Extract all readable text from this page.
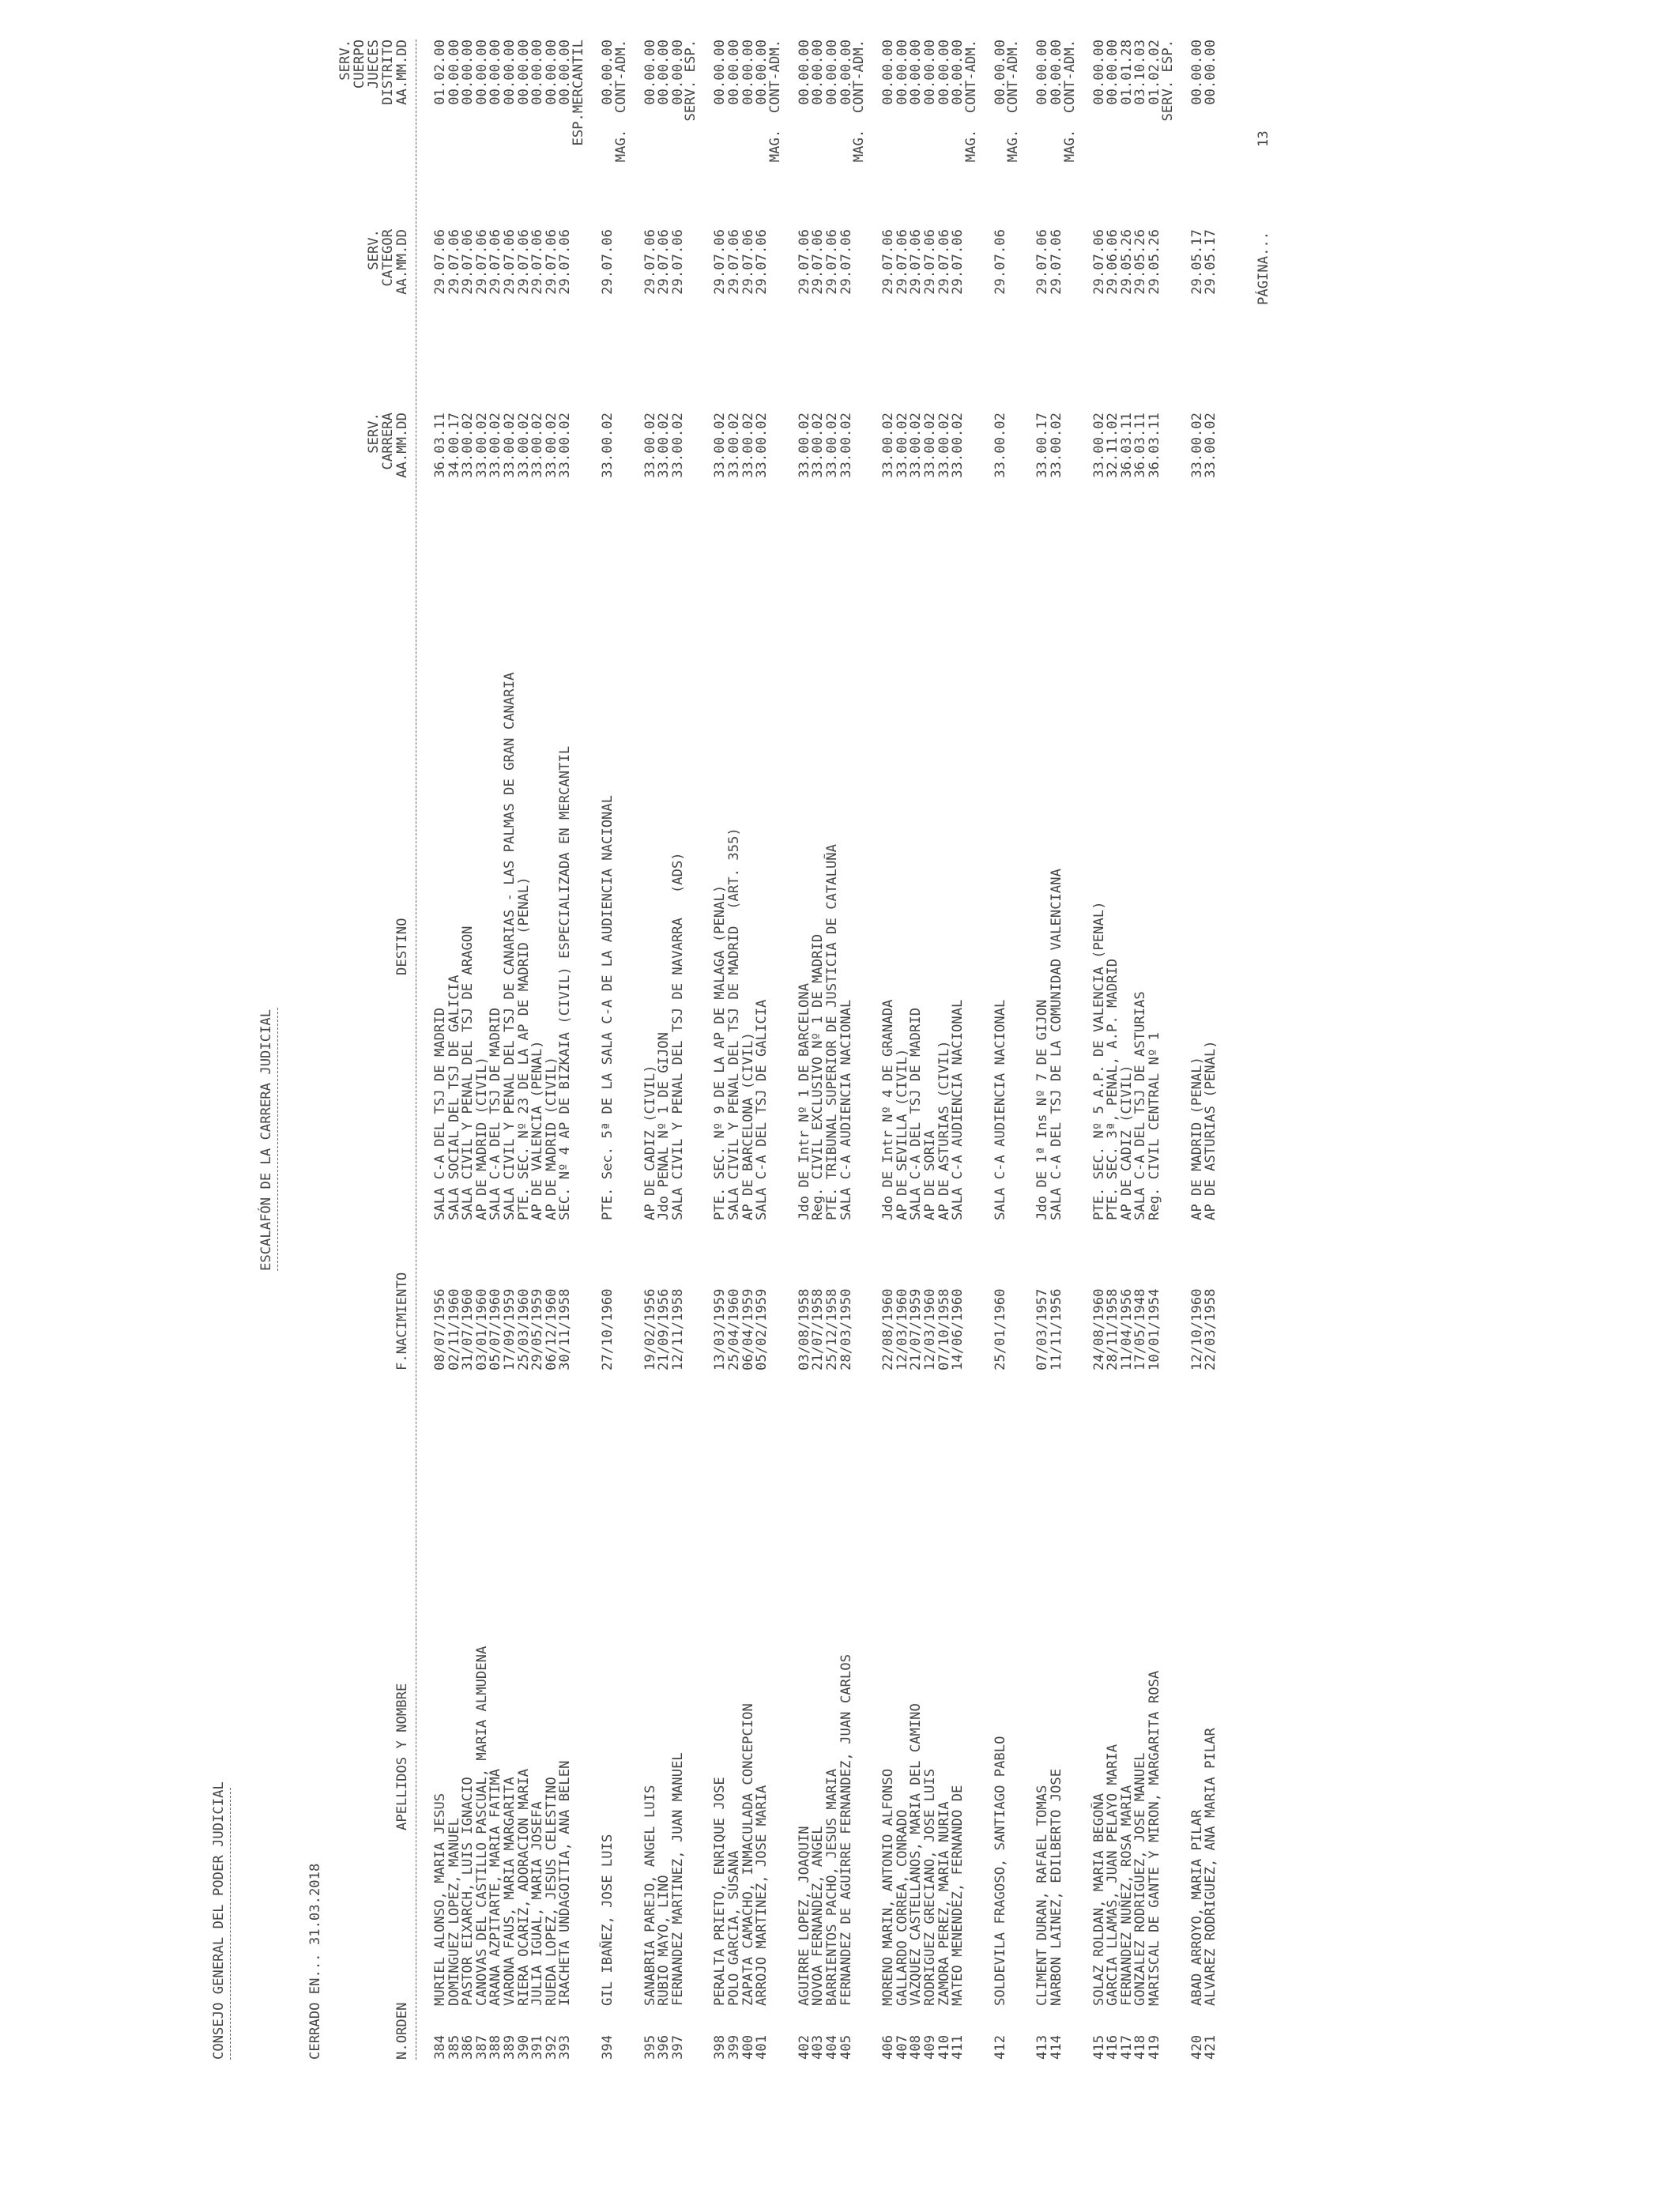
CONSEJO GENERAL DEL PODER JUDICIAL
ESCALAFÓN DE LA CARRERA JUDICIAL
PÁGINA...
13
CERRADO EN... 31.03.2018	N.ORDEN
APELLIDOS Y NOMBRE
F.NACIMIENTO
DESTINO
SERV.
CARRERA
AA.MM.DD
SERV.
CATEGOR
AA.MM.DD
SERV.
CUERPO
JUECES
DISTRITO
AA.MM.DD
384
MURIEL ALONSO, MARIA JESUS
08/07/1956
SALA C-A DEL TSJ DE MADRID
36.03.11
29.07.06
01.02.00
385
DOMINGUEZ LOPEZ, MANUEL
02/11/1960
SALA SOCIAL DEL TSJ DE GALICIA
34.00.17
29.07.06
00.00.00
386
PASTOR EIXARCH, LUIS IGNACIO
31/07/1960
SALA CIVIL Y PENAL DEL TSJ DE ARAGON
33.00.02
29.07.06
00.00.00
387
CANOVAS DEL CASTILLO PASCUAL, MARIA ALMUDENA
03/01/1960
AP DE MADRID (CIVIL)
33.00.02
29.07.06
00.00.00
388
ARANA AZPITARTE, MARIA FATIMA
05/07/1960
SALA C-A DEL TSJ DE MADRID
33.00.02
29.07.06
00.00.00
389
VARONA FAUS, MARIA MARGARITA
17/09/1959
SALA CIVIL Y PENAL DEL TSJ DE CANARIAS - LAS PALMAS DE GRAN CANARIA
33.00.02
29.07.06
00.00.00
390
RIERA OCARIZ, ADORACION MARIA
25/03/1960
PTE. SEC. Nº 23 DE LA AP DE MADRID (PENAL)
33.00.02
29.07.06
00.00.00
391
JULIA IGUAL, MARIA JOSEFA
29/05/1959
AP DE VALENCIA (PENAL)
33.00.02
29.07.06
00.00.00
392
RUEDA LOPEZ, JESUS CELESTINO
06/12/1960
AP DE MADRID (CIVIL)
33.00.02
29.07.06
00.00.00
393
IRACHETA UNDAGOITIA, ANA BELEN
30/11/1958
SEC. Nº 4 AP DE BIZKAIA (CIVIL) ESPECIALIZADA EN MERCANTIL
33.00.02
29.07.06
00.00.00
ESP.MERCANTIL
394
GIL IBAÑEZ, JOSE LUIS
27/10/1960
PTE. Sec. 5ª DE LA SALA C-A DE LA AUDIENCIA NACIONAL
33.00.02
29.07.06
00.00.00
MAG.  CONT-ADM.
395
SANABRIA PAREJO, ANGEL LUIS
19/02/1956
AP DE CADIZ (CIVIL)
33.00.02
29.07.06
00.00.00
396
RUBIO MAYO, LINO
21/09/1956
Jdo PENAL Nº 1 DE GIJON
33.00.02
29.07.06
00.00.00
397
FERNANDEZ MARTINEZ, JUAN MANUEL
12/11/1958
SALA CIVIL Y PENAL DEL TSJ DE NAVARRA   (ADS)
33.00.02
29.07.06
00.00.00
SERV. ESP.
398
PERALTA PRIETO, ENRIQUE JOSE
13/03/1959
PTE. SEC. Nº 9 DE LA AP DE MALAGA (PENAL)
33.00.02
29.07.06
00.00.00
399
POLO GARCIA, SUSANA
25/04/1960
SALA CIVIL Y PENAL DEL TSJ DE MADRID  (ART. 355)
33.00.02
29.07.06
00.00.00
400
ZAPATA CAMACHO, INMACULADA CONCEPCION
06/04/1959
AP DE BARCELONA (CIVIL)
33.00.02
29.07.06
00.00.00
401
ARROJO MARTINEZ, JOSE MARIA
05/02/1959
SALA C-A DEL TSJ DE GALICIA
33.00.02
29.07.06
00.00.00
MAG.  CONT-ADM.
402
AGUIRRE LOPEZ, JOAQUIN
03/08/1958
Jdo DE Intr Nº 1 DE BARCELONA
33.00.02
29.07.06
00.00.00
403
NOVOA FERNANDEZ, ANGEL
21/07/1958
Reg. CIVIL EXCLUSIVO Nº 1 DE MADRID
33.00.02
29.07.06
00.00.00
404
BARRIENTOS PACHO, JESUS MARIA
25/12/1958
PTE. TRIBUNAL SUPERIOR DE JUSTICIA DE CATALUÑA
33.00.02
29.07.06
00.00.00
405
FERNANDEZ DE AGUIRRE FERNANDEZ, JUAN CARLOS
28/03/1950
SALA C-A AUDIENCIA NACIONAL
33.00.02
29.07.06
00.00.00
MAG.  CONT-ADM.
406
MORENO MARIN, ANTONIO ALFONSO
22/08/1960
Jdo DE Intr Nº 4 DE GRANADA
33.00.02
29.07.06
00.00.00
407
GALLARDO CORREA, CONRADO
12/03/1960
AP DE SEVILLA (CIVIL)
33.00.02
29.07.06
00.00.00
408
VAZQUEZ CASTELLANOS, MARIA DEL CAMINO
21/07/1959
SALA C-A DEL TSJ DE MADRID
33.00.02
29.07.06
00.00.00
409
RODRIGUEZ GRECIANO, JOSE LUIS
12/03/1960
AP DE SORIA
33.00.02
29.07.06
00.00.00
410
ZAMORA PEREZ, MARIA NURIA
07/10/1958
AP DE ASTURIAS (CIVIL)
33.00.02
29.07.06
00.00.00
411
MATEO MENENDEZ, FERNANDO DE
14/06/1960
SALA C-A AUDIENCIA NACIONAL
33.00.02
29.07.06
00.00.00
MAG.  CONT-ADM.
412
SOLDEVILA FRAGOSO, SANTIAGO PABLO
25/01/1960
SALA C-A AUDIENCIA NACIONAL
33.00.02
29.07.06
00.00.00
MAG.  CONT-ADM.
413
CLIMENT DURAN, RAFAEL TOMAS
07/03/1957
Jdo DE 1ª Ins Nº 7 DE GIJON
33.00.17
29.07.06
00.00.00
414
NARBON LAINEZ, EDILBERTO JOSE
11/11/1956
SALA C-A DEL TSJ DE LA COMUNIDAD VALENCIANA
33.00.02
29.07.06
00.00.00
MAG.  CONT-ADM.
415
SOLAZ ROLDAN, MARIA BEGOÑA
24/08/1960
PTE. SEC. Nº 5 A.P. DE VALENCIA (PENAL)
33.00.02
29.07.06
00.00.00
416
GARCIA LLAMAS, JUAN PELAYO MARIA
28/11/1958
PTE. SEC. 3ª, PENAL, A.P. MADRID
32.11.02
29.06.06
00.00.00
417
FERNANDEZ NUÑEZ, ROSA MARIA
11/04/1956
AP DE CADIZ (CIVIL)
36.03.11
29.05.26
01.01.28
418
GONZALEZ RODRIGUEZ, JOSE MANUEL
17/05/1948
SALA C-A DEL TSJ DE ASTURIAS
36.03.11
29.05.26
03.10.03
419
MARISCAL DE GANTE Y MIRON, MARGARITA ROSA
10/01/1954
Reg. CIVIL CENTRAL Nº 1
36.03.11
29.05.26
01.02.02
SERV. ESP.
420
ABAD ARROYO, MARIA PILAR
12/10/1960
AP DE MADRID (PENAL)
33.00.02
29.05.17
00.00.00
421
ALVAREZ RODRIGUEZ, ANA MARIA PILAR
22/03/1958
AP DE ASTURIAS (PENAL)
33.00.02
29.05.17
00.00.00
